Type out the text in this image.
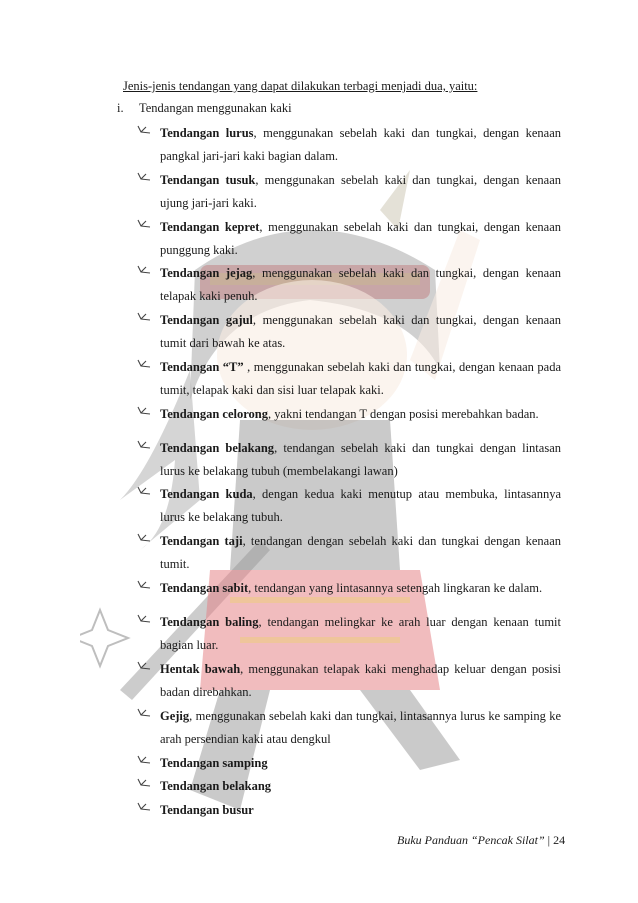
Jenis-jenis tendangan yang dapat dilakukan terbagi menjadi dua, yaitu:
i. Tendangan menggunakan kaki
Tendangan lurus, menggunakan sebelah kaki dan tungkai, dengan kenaan pangkal jari-jari kaki bagian dalam.
Tendangan tusuk, menggunakan sebelah kaki dan tungkai, dengan kenaan ujung jari-jari kaki.
Tendangan kepret, menggunakan sebelah kaki dan tungkai, dengan kenaan punggung kaki.
Tendangan jejag, menggunakan sebelah kaki dan tungkai, dengan kenaan telapak kaki penuh.
Tendangan gajul, menggunakan sebelah kaki dan tungkai, dengan kenaan tumit dari bawah ke atas.
Tendangan “T” , menggunakan sebelah kaki dan tungkai, dengan kenaan pada tumit, telapak kaki dan sisi luar telapak kaki.
Tendangan celorong, yakni tendangan T dengan posisi merebahkan badan.
Tendangan belakang, tendangan sebelah kaki dan tungkai dengan lintasan lurus ke belakang tubuh (membelakangi lawan)
Tendangan kuda, dengan kedua kaki menutup atau membuka, lintasannya lurus ke belakang tubuh.
Tendangan taji, tendangan dengan sebelah kaki dan tungkai dengan kenaan tumit.
Tendangan sabit, tendangan yang lintasannya setengah lingkaran ke dalam.
Tendangan baling, tendangan melingkar ke arah luar dengan kenaan tumit bagian luar.
Hentak bawah, menggunakan telapak kaki menghadap keluar dengan posisi badan direbahkan.
Gejig, menggunakan sebelah kaki dan tungkai, lintasannya lurus ke samping ke arah persendian kaki atau dengkul
Tendangan samping
Tendangan belakang
Tendangan busur
Buku Panduan “Pencak Silat” | 24
